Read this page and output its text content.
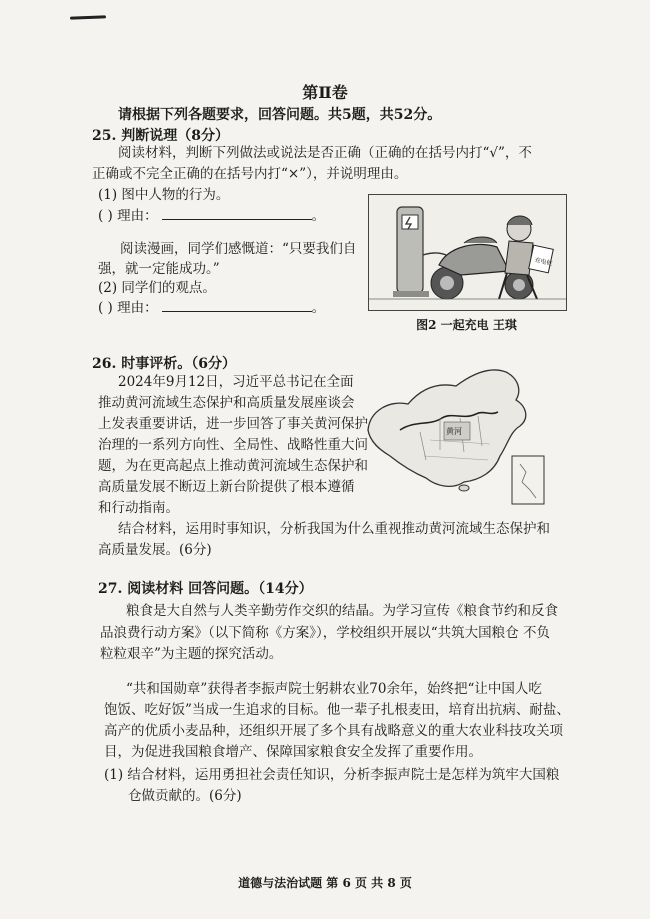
第Ⅱ卷
请根据下列各题要求，回答问题。共5题，共52分。
25. 判断说理（8分）
阅读材料，判断下列做法或说法是否正确（正确的在括号内打“√”，不
正确或不完全正确的在括号内打“×”），并说明理由。
(1) 图中人物的行为。
( ) 理由：	。
阅读漫画，同学们感慨道：“只要我们自
强，就一定能成功。”
(2) 同学们的观点。
( ) 理由：	。
充电桩
图2 一起充电 王琪
26. 时事评析。（6分）
2024年9月12日，习近平总书记在全面
推动黄河流域生态保护和高质量发展座谈会
上发表重要讲话，进一步回答了事关黄河保护
治理的一系列方向性、全局性、战略性重大问
题，为在更高起点上推动黄河流域生态保护和
高质量发展不断迈上新台阶提供了根本遵循
和行动指南。
结合材料，运用时事知识，分析我国为什么重视推动黄河流域生态保护和
高质量发展。(6分)
黄河
27. 阅读材料 回答问题。（14分）
粮食是大自然与人类辛勤劳作交织的结晶。为学习宣传《粮食节约和反食
品浪费行动方案》（以下简称《方案》），学校组织开展以“共筑大国粮仓 不负
粒粒艰辛”为主题的探究活动。
“共和国勋章”获得者李振声院士躬耕农业70余年，始终把“让中国人吃
饱饭、吃好饭”当成一生追求的目标。他一辈子扎根麦田，培育出抗病、耐盐、
高产的优质小麦品种，还组织开展了多个具有战略意义的重大农业科技攻关项
目，为促进我国粮食增产、保障国家粮食安全发挥了重要作用。
(1) 结合材料，运用勇担社会责任知识，分析李振声院士是怎样为筑牢大国粮
仓做贡献的。(6分)
道德与法治试题 第 6 页 共 8 页
